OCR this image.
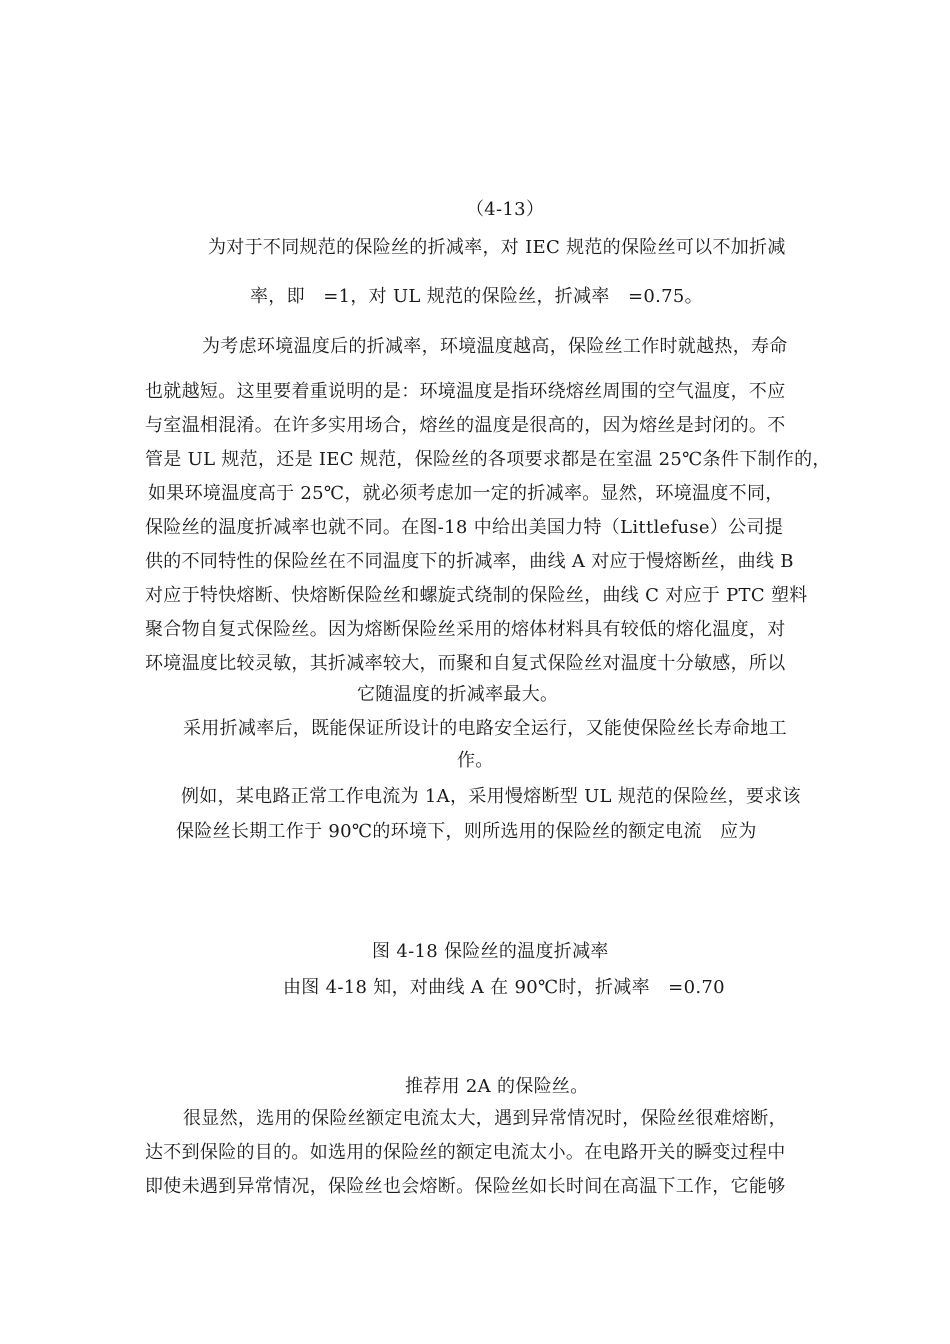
（4-13）
为对于不同规范的保险丝的折减率，对 IEC 规范的保险丝可以不加折减
率，即　=1，对 UL 规范的保险丝，折减率　=0.75。
为考虑环境温度后的折减率，环境温度越高，保险丝工作时就越热，寿命
也就越短。这里要着重说明的是：环境温度是指环绕熔丝周围的空气温度，不应
与室温相混淆。在许多实用场合，熔丝的温度是很高的，因为熔丝是封闭的。不
管是 UL 规范，还是 IEC 规范，保险丝的各项要求都是在室温 25℃条件下制作的，
如果环境温度高于 25℃，就必须考虑加一定的折减率。显然，环境温度不同，
保险丝的温度折减率也就不同。在图-18 中给出美国力特（Littlefuse）公司提
供的不同特性的保险丝在不同温度下的折减率，曲线 A 对应于慢熔断丝，曲线 B
对应于特快熔断、快熔断保险丝和螺旋式绕制的保险丝，曲线 C 对应于 PTC 塑料
聚合物自复式保险丝。因为熔断保险丝采用的熔体材料具有较低的熔化温度，对
环境温度比较灵敏，其折减率较大，而聚和自复式保险丝对温度十分敏感，所以
它随温度的折减率最大。
采用折减率后，既能保证所设计的电路安全运行，又能使保险丝长寿命地工
作。
例如，某电路正常工作电流为 1A，采用慢熔断型 UL 规范的保险丝，要求该
保险丝长期工作于 90℃的环境下，则所选用的保险丝的额定电流　应为
图 4-18 保险丝的温度折减率
由图 4-18 知，对曲线 A 在 90℃时，折减率　=0.70
推荐用 2A 的保险丝。
很显然，选用的保险丝额定电流太大，遇到异常情况时，保险丝很难熔断，
达不到保险的目的。如选用的保险丝的额定电流太小。在电路开关的瞬变过程中
即使未遇到异常情况，保险丝也会熔断。保险丝如长时间在高温下工作，它能够
